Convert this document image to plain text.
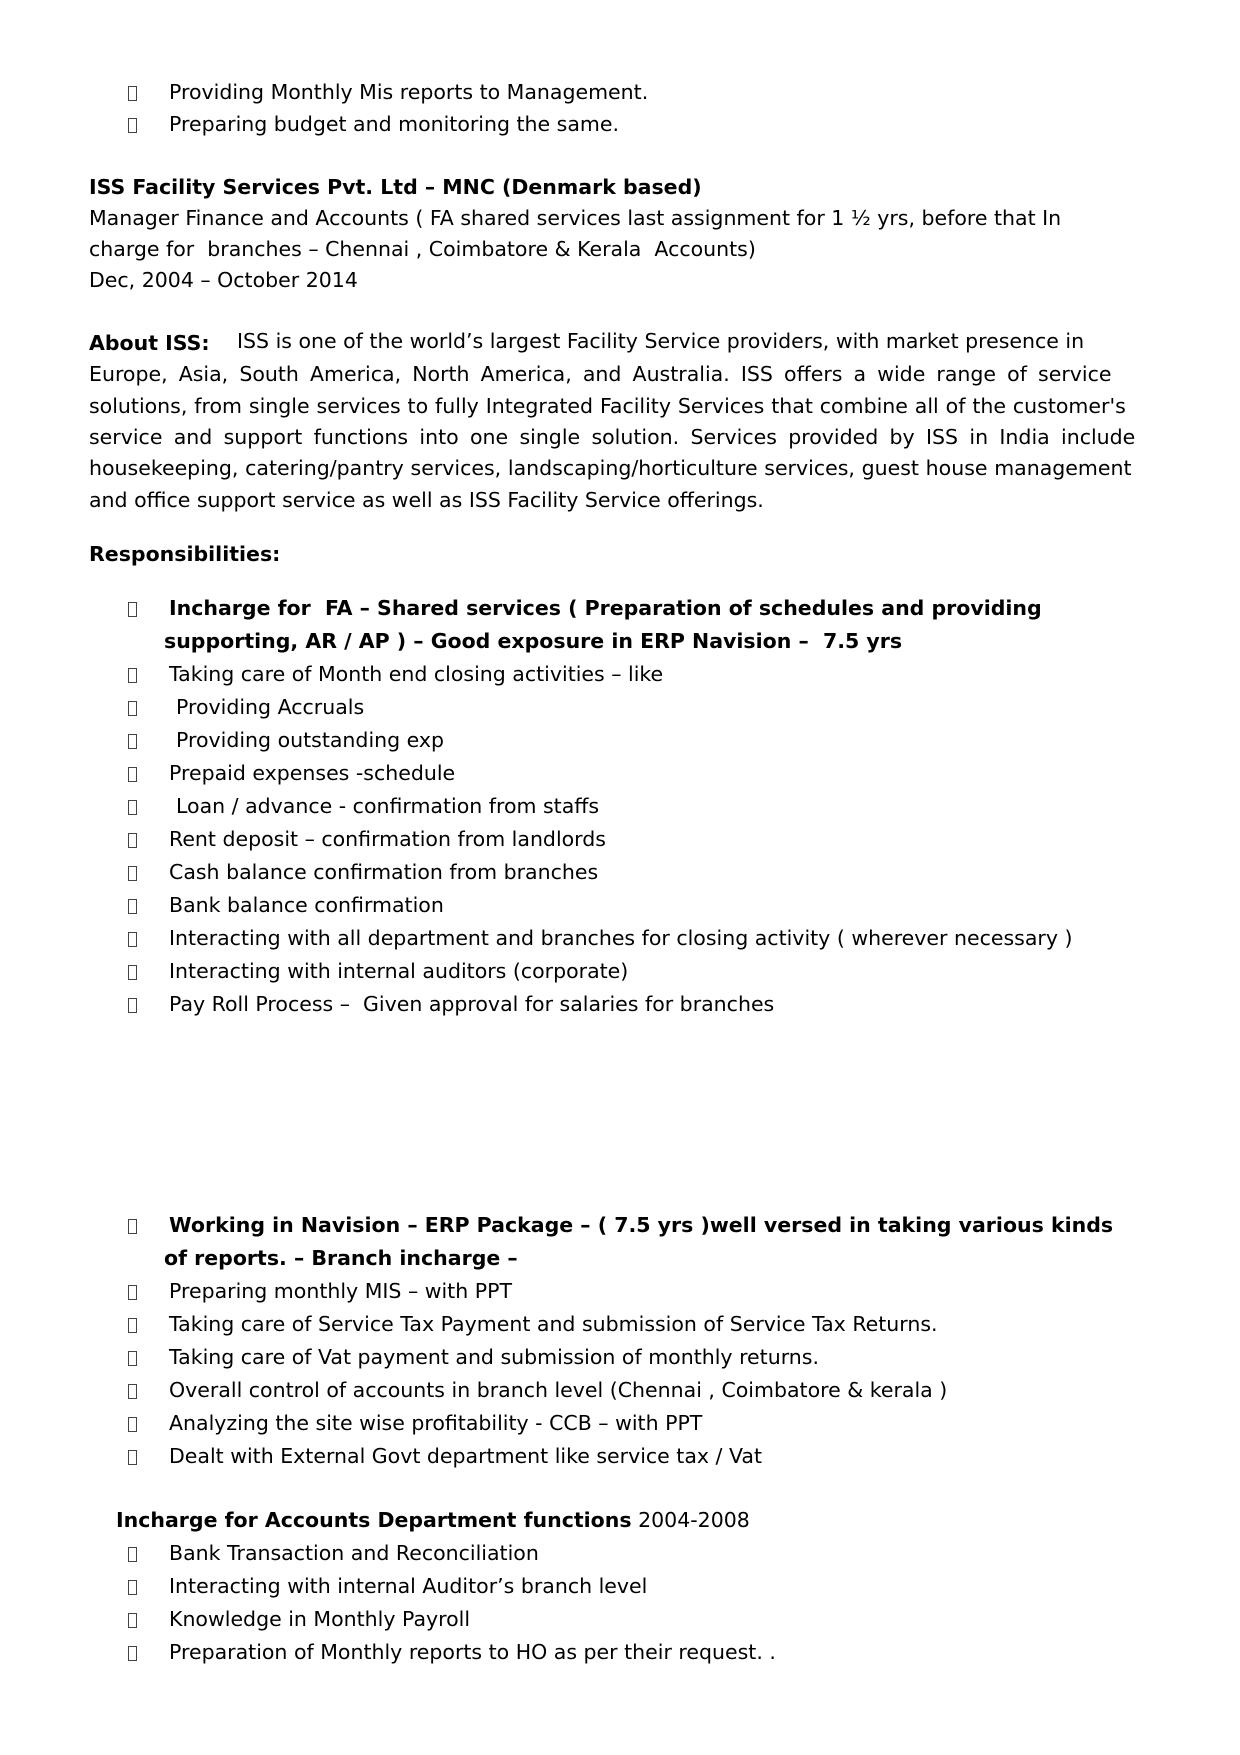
Providing Monthly Mis reports to Management.

Preparing budget and monitoring the same.

ISS Facility Services Pvt. Ltd – MNC (Denmark based)
Manager Finance and Accounts ( FA shared services last assignment for 1 ½ yrs, before that In
charge for  branches – Chennai , Coimbatore & Kerala  Accounts)
Dec, 2004 – October 2014
About ISS:	ISS is one of the world’s largest Facility Service providers, with market presence in
Europe, Asia, South America, North America, and Australia. ISS offers a wide range of service
solutions, from single services to fully Integrated Facility Services that combine all of the customer's
service and support functions into one single solution. Services provided by ISS in India include
housekeeping, catering/pantry services, landscaping/horticulture services, guest house management
and office support service as well as ISS Facility Service offerings.
Responsibilities:

Incharge for  FA – Shared services ( Preparation of schedules and providing

supporting, AR / AP ) – Good exposure in ERP Navision –  7.5 yrs
Taking care of Month end closing activities – like
Providing Accruals
Providing outstanding exp
Prepaid expenses -schedule
Loan / advance - confirmation from staffs
Rent deposit – confirmation from landlords
Cash balance confirmation from branches
Bank balance confirmation
Interacting with all department and branches for closing activity ( wherever necessary )
Interacting with internal auditors (corporate)
Pay Roll Process –  Given approval for salaries for branches

Working in Navision – ERP Package – ( 7.5 yrs )well versed in taking various kinds

of reports. – Branch incharge –
Preparing monthly MIS – with PPT
Taking care of Service Tax Payment and submission of Service Tax Returns.
Taking care of Vat payment and submission of monthly returns.
Overall control of accounts in branch level (Chennai , Coimbatore & kerala )
Analyzing the site wise profitability - CCB – with PPT
Dealt with External Govt department like service tax / Vat
Incharge for Accounts Department functions 2004-2008
Bank Transaction and Reconciliation
Interacting with internal Auditor’s branch level
Knowledge in Monthly Payroll
Preparation of Monthly reports to HO as per their request. .
